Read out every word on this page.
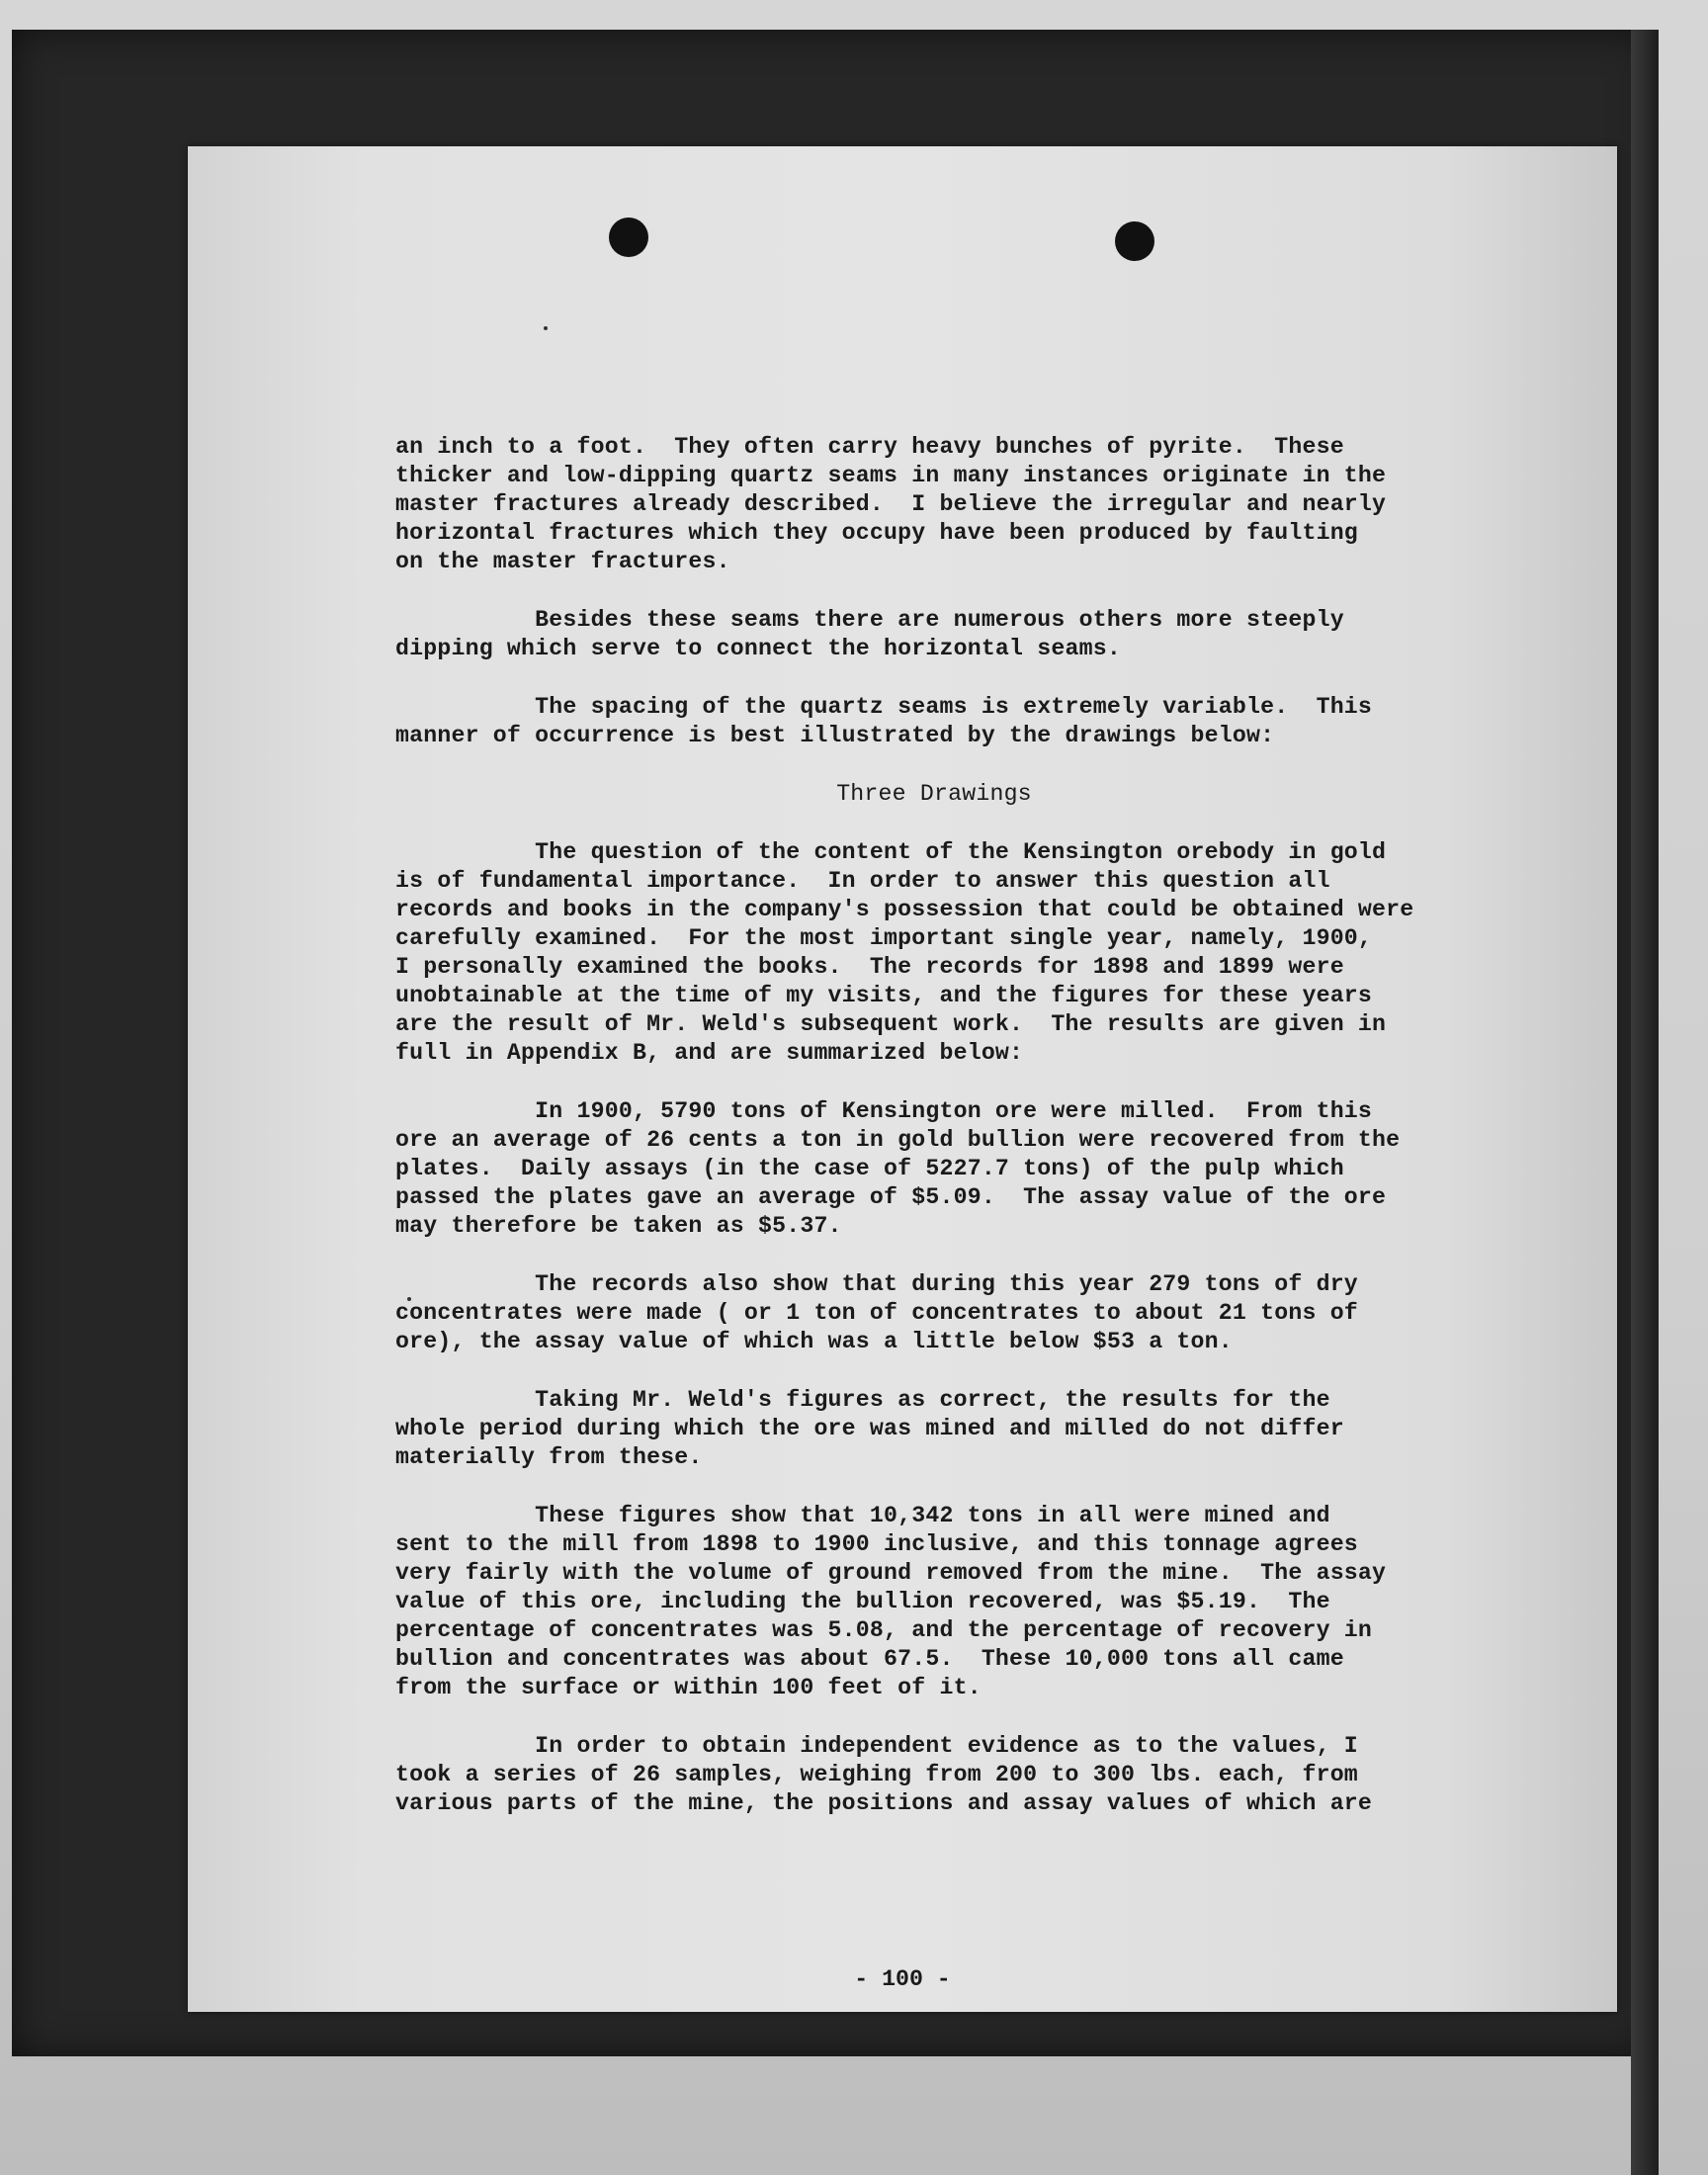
an inch to a foot.  They often carry heavy bunches of pyrite.  These
thicker and low-dipping quartz seams in many instances originate in the
master fractures already described.  I believe the irregular and nearly
horizontal fractures which they occupy have been produced by faulting
on the master fractures.
Besides these seams there are numerous others more steeply
dipping which serve to connect the horizontal seams.
The spacing of the quartz seams is extremely variable.  This
manner of occurrence is best illustrated by the drawings below:
Three Drawings
The question of the content of the Kensington orebody in gold
is of fundamental importance.  In order to answer this question all
records and books in the company's possession that could be obtained were
carefully examined.  For the most important single year, namely, 1900,
I personally examined the books.  The records for 1898 and 1899 were
unobtainable at the time of my visits, and the figures for these years
are the result of Mr. Weld's subsequent work.  The results are given in
full in Appendix B, and are summarized below:
In 1900, 5790 tons of Kensington ore were milled.  From this
ore an average of 26 cents a ton in gold bullion were recovered from the
plates.  Daily assays (in the case of 5227.7 tons) of the pulp which
passed the plates gave an average of $5.09.  The assay value of the ore
may therefore be taken as $5.37.
The records also show that during this year 279 tons of dry
concentrates were made ( or 1 ton of concentrates to about 21 tons of
ore), the assay value of which was a little below $53 a ton.
Taking Mr. Weld's figures as correct, the results for the
whole period during which the ore was mined and milled do not differ
materially from these.
These figures show that 10,342 tons in all were mined and
sent to the mill from 1898 to 1900 inclusive, and this tonnage agrees
very fairly with the volume of ground removed from the mine.  The assay
value of this ore, including the bullion recovered, was $5.19.  The
percentage of concentrates was 5.08, and the percentage of recovery in
bullion and concentrates was about 67.5.  These 10,000 tons all came
from the surface or within 100 feet of it.
In order to obtain independent evidence as to the values, I
took a series of 26 samples, weighing from 200 to 300 lbs. each, from
various parts of the mine, the positions and assay values of which are
- 100 -
